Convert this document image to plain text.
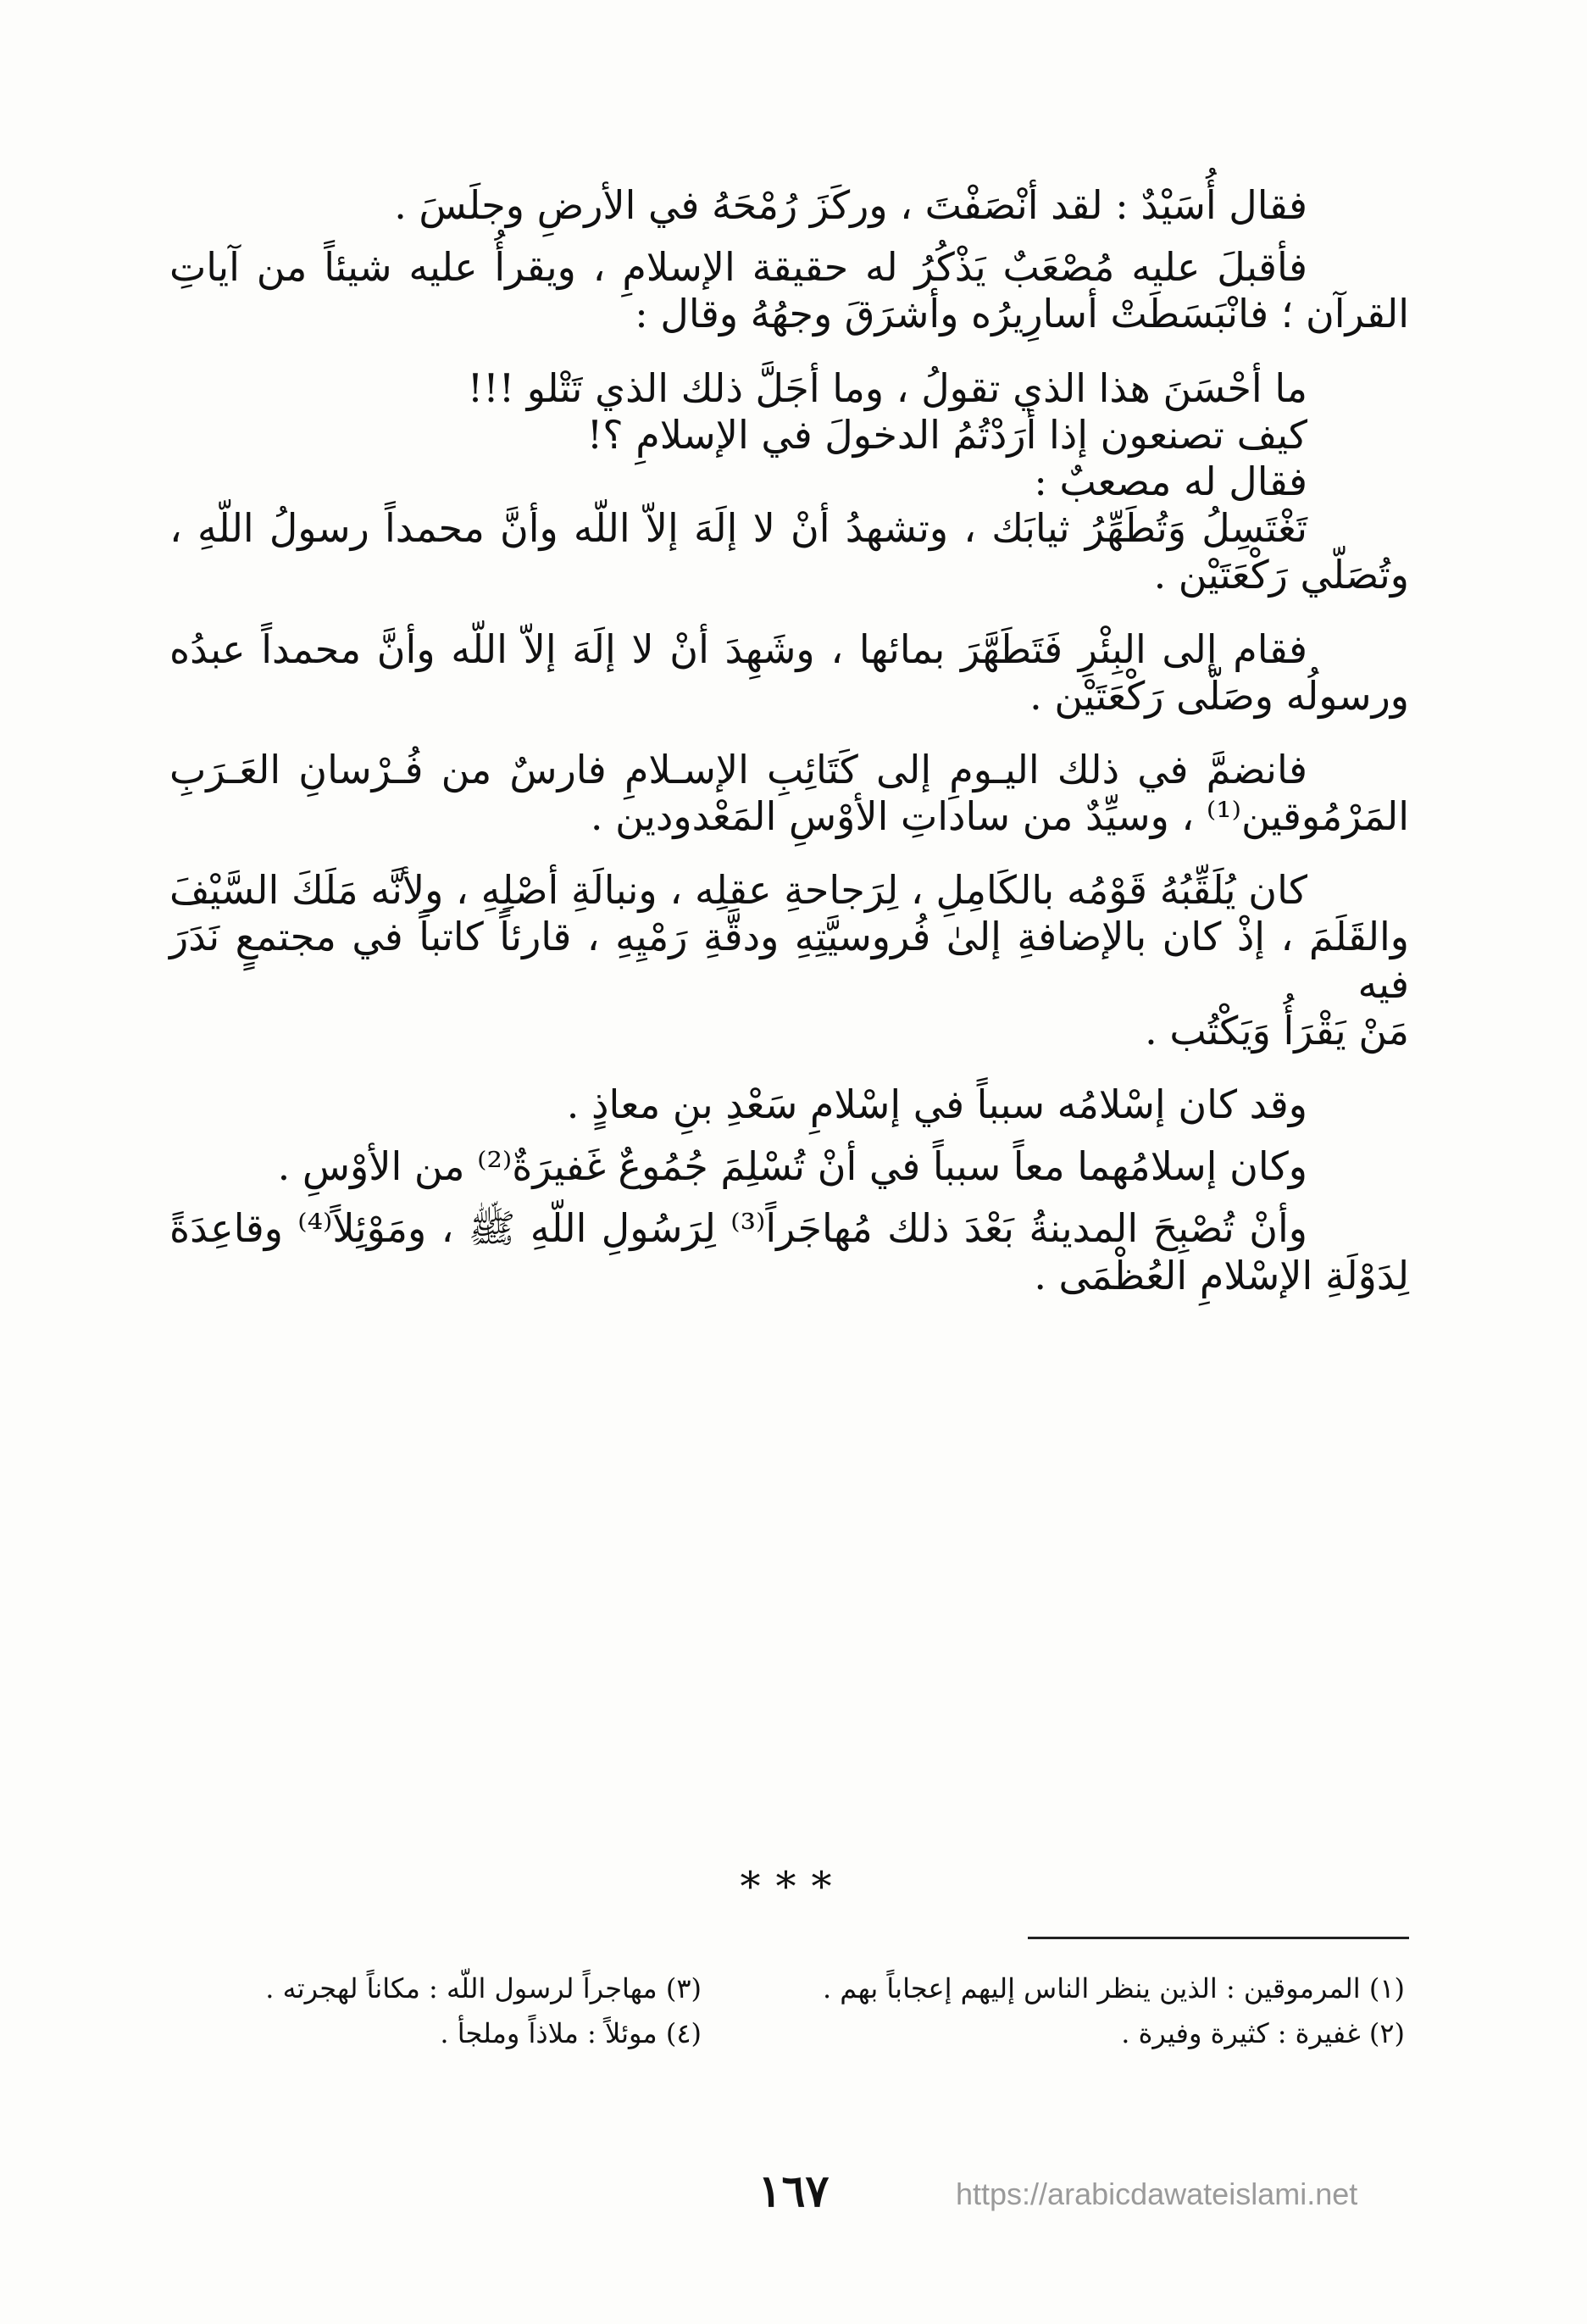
فقال أُسَيْدٌ : لقد أنْصَفْتَ ، وركَزَ رُمْحَهُ في الأرضِ وجلَسَ .
فأقبلَ عليه مُصْعَبٌ يَذْكُرُ له حقيقة الإسلامِ ، ويقرأُ عليه شيئاً من آياتِ
القرآن ؛ فانْبَسَطَتْ أسارِيرُه وأشرَقَ وجهُهُ وقال :
ما أحْسَنَ هذا الذي تقولُ ، وما أجَلَّ ذلك الذي تَتْلو !!!
كيف تصنعون إذا أرَدْتُمُ الدخولَ في الإسلامِ ؟!
فقال له مصعبٌ :
تَغْتَسِلُ وَتُطَهِّرُ ثيابَك ، وتشهدُ أنْ لا إلَهَ إلاّ اللّه وأنَّ محمداً رسولُ اللّهِ ،
وتُصَلّي رَكْعَتَيْن .
فقام إلى البِئْرِ فَتَطَهَّرَ بمائها ، وشَهِدَ أنْ لا إلَهَ إلاّ اللّه وأنَّ محمداً عبدُه
ورسولُه وصَلّى رَكْعَتَيْن .
فانضمَّ في ذلك اليـومِ إلى كَتَائِبِ الإسـلامِ فارسٌ من فُـرْسانِ العَـرَبِ
المَرْمُوقين⁽¹⁾ ، وسيِّدٌ من ساداتِ الأوْسِ المَعْدودين .
كان يُلَقِّبُهُ قَوْمُه بالكَامِلِ ، لِرَجاحةِ عقلِه ، ونبالَةِ أصْلِهِ ، ولأنَّه مَلَكَ السَّيْفَ
والقَلَمَ ، إذْ كان بالإضافةِ إلىٰ فُروسيَّتِهِ ودقَّةِ رَمْيِهِ ، قارئاً كاتباً في مجتمعٍ نَدَرَ فيه
مَنْ يَقْرَأُ وَيَكْتُب .
وقد كان إسْلامُه سبباً في إسْلامِ سَعْدِ بنِ معاذٍ .
وكان إسلامُهما معاً سبباً في أنْ تُسْلِمَ جُمُوعٌ غَفيرَةٌ⁽²⁾ من الأوْسِ .
وأنْ تُصْبِحَ المدينةُ بَعْدَ ذلك مُهاجَراً⁽³⁾ لِرَسُولِ اللّهِ ﷺ ، ومَوْئِلاً⁽⁴⁾ وقاعِدَةً
لِدَوْلَةِ الإسْلامِ العُظْمَى .
***
(١) المرموقين : الذين ينظر الناس إليهم إعجاباً بهم .
(٢) غفيرة : كثيرة وفيرة .
(٣) مهاجراً لرسول اللّه : مكاناً لهجرته .
(٤) موئلاً : ملاذاً وملجأ .
١٦٧	https://arabicdawateislami.net
